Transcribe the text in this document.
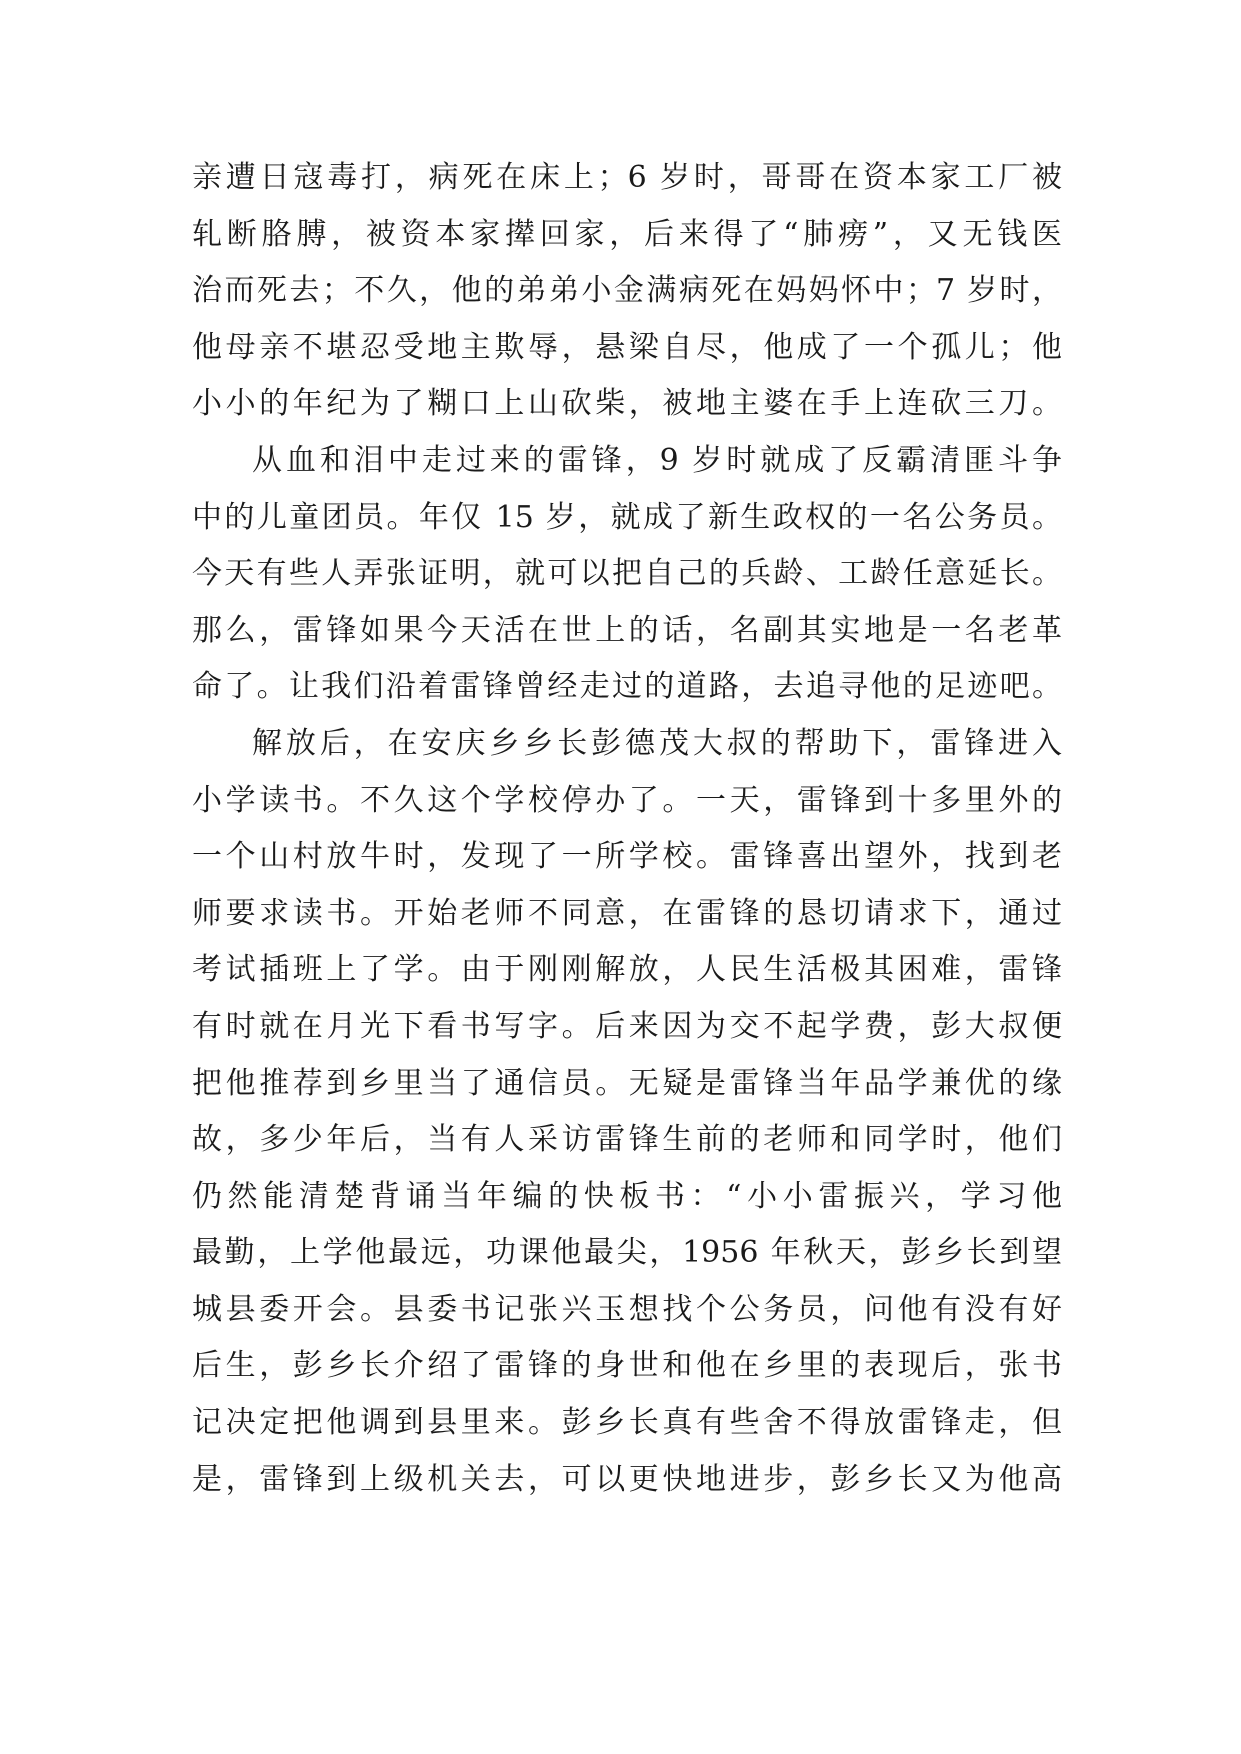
亲遭日寇毒打，病死在床上；6 岁时，哥哥在资本家工厂被
轧断胳膊，被资本家撵回家，后来得了“肺痨”，又无钱医
治而死去；不久，他的弟弟小金满病死在妈妈怀中；7 岁时，
他母亲不堪忍受地主欺辱，悬梁自尽，他成了一个孤儿；他
小小的年纪为了糊口上山砍柴，被地主婆在手上连砍三刀。
从血和泪中走过来的雷锋，9 岁时就成了反霸清匪斗争
中的儿童团员。年仅 15 岁，就成了新生政权的一名公务员。
今天有些人弄张证明，就可以把自己的兵龄、工龄任意延长。
那么，雷锋如果今天活在世上的话，名副其实地是一名老革
命了。让我们沿着雷锋曾经走过的道路，去追寻他的足迹吧。
解放后，在安庆乡乡长彭德茂大叔的帮助下，雷锋进入
小学读书。不久这个学校停办了。一天，雷锋到十多里外的
一个山村放牛时，发现了一所学校。雷锋喜出望外，找到老
师要求读书。开始老师不同意，在雷锋的恳切请求下，通过
考试插班上了学。由于刚刚解放，人民生活极其困难，雷锋
有时就在月光下看书写字。后来因为交不起学费，彭大叔便
把他推荐到乡里当了通信员。无疑是雷锋当年品学兼优的缘
故，多少年后，当有人采访雷锋生前的老师和同学时，他们
仍然能清楚背诵当年编的快板书：“小小雷振兴，学习他
最勤，上学他最远，功课他最尖，1956 年秋天，彭乡长到望
城县委开会。县委书记张兴玉想找个公务员，问他有没有好
后生，彭乡长介绍了雷锋的身世和他在乡里的表现后，张书
记决定把他调到县里来。彭乡长真有些舍不得放雷锋走，但
是，雷锋到上级机关去，可以更快地进步，彭乡长又为他高
